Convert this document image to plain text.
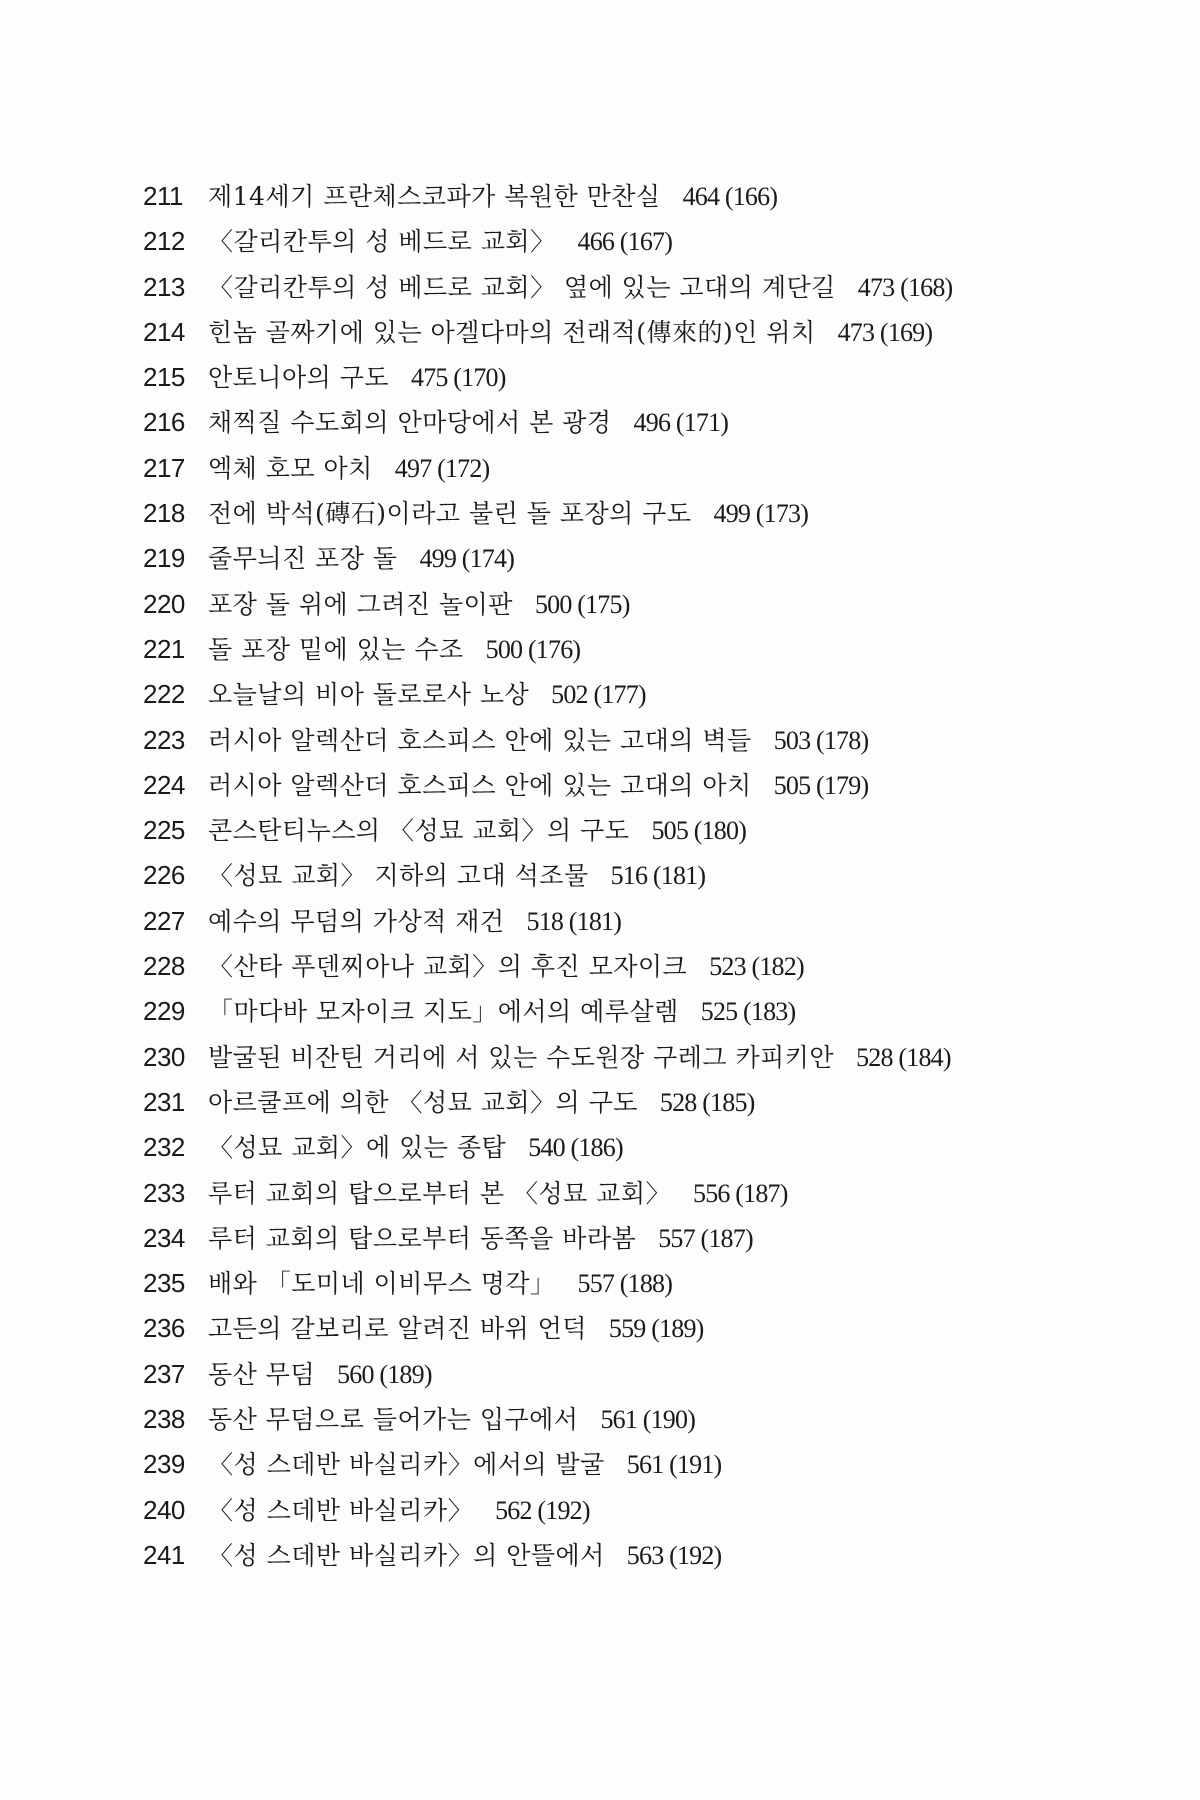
211	제14세기 프란체스코파가 복원한 만찬실 464 (166)
212 〈갈리칸투의 성 베드로 교회〉 466 (167)
213 〈갈리칸투의 성 베드로 교회〉 옆에 있는 고대의 계단길 473 (168)
214 힌놈 골짜기에 있는 아겔다마의 전래적(傳來的)인 위치 473 (169)
215 안토니아의 구도 475 (170)
216 채찍질 수도회의 안마당에서 본 광경 496 (171)
217 엑체 호모 아치 497 (172)
218 전에 박석(磚石)이라고 불린 돌 포장의 구도 499 (173)
219 줄무늬진 포장 돌 499 (174)
220 포장 돌 위에 그려진 놀이판 500 (175)
221 돌 포장 밑에 있는 수조 500 (176)
222 오늘날의 비아 돌로로사 노상 502 (177)
223 러시아 알렉산더 호스피스 안에 있는 고대의 벽들 503 (178)
224 러시아 알렉산더 호스피스 안에 있는 고대의 아치 505 (179)
225 콘스탄티누스의 〈성묘 교회〉의 구도 505 (180)
226 〈성묘 교회〉 지하의 고대 석조물 516 (181)
227 예수의 무덤의 가상적 재건 518 (181)
228 〈산타 푸덴찌아나 교회〉의 후진 모자이크 523 (182)
229 「마다바 모자이크 지도」에서의 예루살렘 525 (183)
230 발굴된 비잔틴 거리에 서 있는 수도원장 구레그 카피키안 528 (184)
231 아르쿨프에 의한 〈성묘 교회〉의 구도 528 (185)
232 〈성묘 교회〉에 있는 종탑 540 (186)
233 루터 교회의 탑으로부터 본 〈성묘 교회〉 556 (187)
234 루터 교회의 탑으로부터 동쪽을 바라봄 557 (187)
235 배와 「도미네 이비무스 명각」 557 (188)
236 고든의 갈보리로 알려진 바위 언덕 559 (189)
237 동산 무덤 560 (189)
238 동산 무덤으로 들어가는 입구에서 561 (190)
239 〈성 스데반 바실리카〉에서의 발굴 561 (191)
240 〈성 스데반 바실리카〉 562 (192)
241 〈성 스데반 바실리카〉의 안뜰에서 563 (192)
